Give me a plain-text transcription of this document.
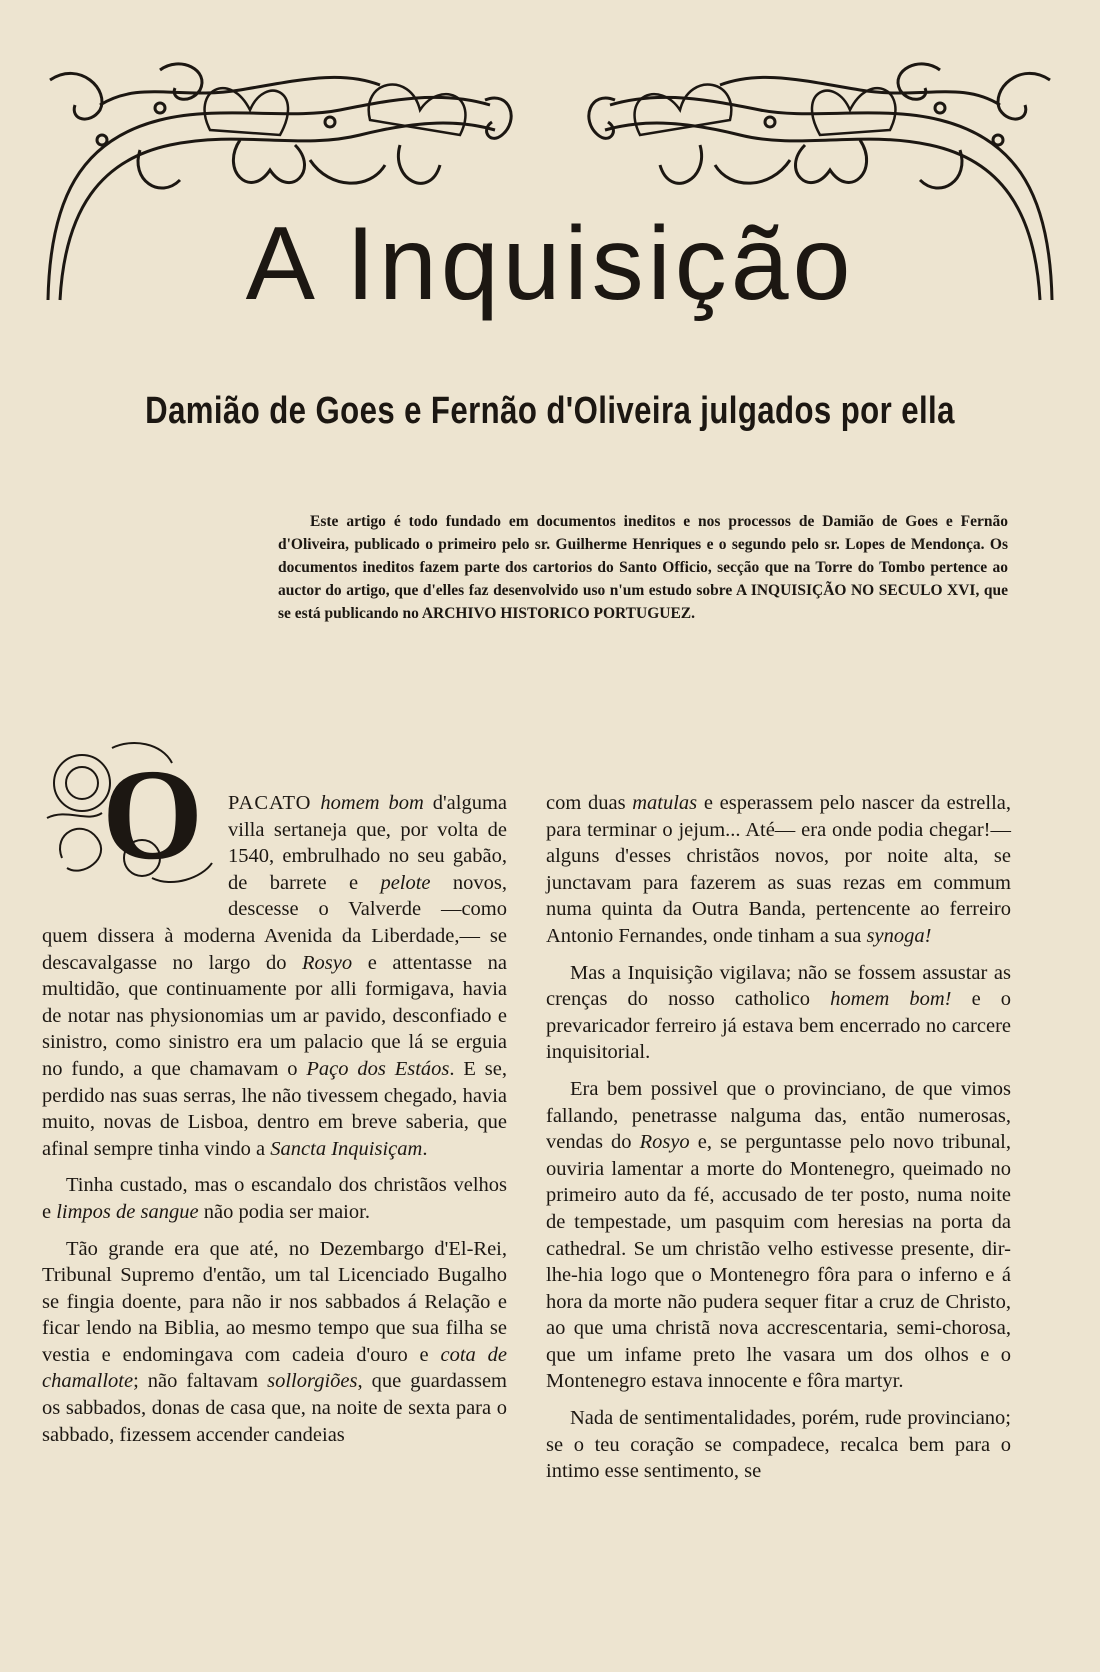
A Inquisição
Damião de Goes e Fernão d'Oliveira julgados por ella

Este artigo é todo fundado em documentos ineditos e nos processos de Damião de Goes e Fernão d'Oliveira, publicado o primeiro pelo sr. Guilherme Henriques e o segundo pelo sr. Lopes de Mendonça. Os documentos ineditos fazem parte dos cartorios do Santo Officio, secção que na Torre do Tombo pertence ao auctor do artigo, que d'elles faz desenvolvido uso n'um estudo sobre A INQUISIÇÃO NO SECULO XVI, que se está publicando no ARCHIVO HISTORICO PORTUGUEZ.

O PACATO homem bom d'alguma villa sertaneja que, por volta de 1540, embrulhado no seu gabão, de barrete e pelote novos, descesse o Valverde —como quem dissera à moderna Avenida da Liberdade,— se descavalgasse no largo do Rosyo e attentasse na multidão, que continuamente por alli formigava, havia de notar nas physionomias um ar pavido, desconfiado e sinistro, como sinistro era um palacio que lá se erguia no fundo, a que chamavam o Paço dos Estáos. E se, perdido nas suas serras, lhe não tivessem chegado, havia muito, novas de Lisboa, dentro em breve saberia, que afinal sempre tinha vindo a Sancta Inquisiçam.

Tinha custado, mas o escandalo dos christãos velhos e limpos de sangue não podia ser maior.

Tão grande era que até, no Dezembargo d'El-Rei, Tribunal Supremo d'então, um tal Licenciado Bugalho se fingia doente, para não ir nos sabbados á Relação e ficar lendo na Biblia, ao mesmo tempo que sua filha se vestia e endomingava com cadeia d'ouro e cota de chamallote; não faltavam sollorgiões, que guardassem os sabbados, donas de casa que, na noite de sexta para o sabbado, fizessem accender candeias

com duas matulas e esperassem pelo nascer da estrella, para terminar o jejum... Até— era onde podia chegar!— alguns d'esses christãos novos, por noite alta, se junctavam para fazerem as suas rezas em commum numa quinta da Outra Banda, pertencente ao ferreiro Antonio Fernandes, onde tinham a sua synoga!

Mas a Inquisição vigilava; não se fossem assustar as crenças do nosso catholico homem bom! e o prevaricador ferreiro já estava bem encerrado no carcere inquisitorial.

Era bem possivel que o provinciano, de que vimos fallando, penetrasse nalguma das, então numerosas, vendas do Rosyo e, se perguntasse pelo novo tribunal, ouviria lamentar a morte do Montenegro, queimado no primeiro auto da fé, accusado de ter posto, numa noite de tempestade, um pasquim com heresias na porta da cathedral. Se um christão velho estivesse presente, dir-lhe-hia logo que o Montenegro fôra para o inferno e á hora da morte não pudera sequer fitar a cruz de Christo, ao que uma christã nova accrescentaria, semi-chorosa, que um infame preto lhe vasara um dos olhos e o Montenegro estava innocente e fôra martyr.

Nada de sentimentalidades, porém, rude provinciano; se o teu coração se compadece, recalca bem para o intimo esse sentimento, se
